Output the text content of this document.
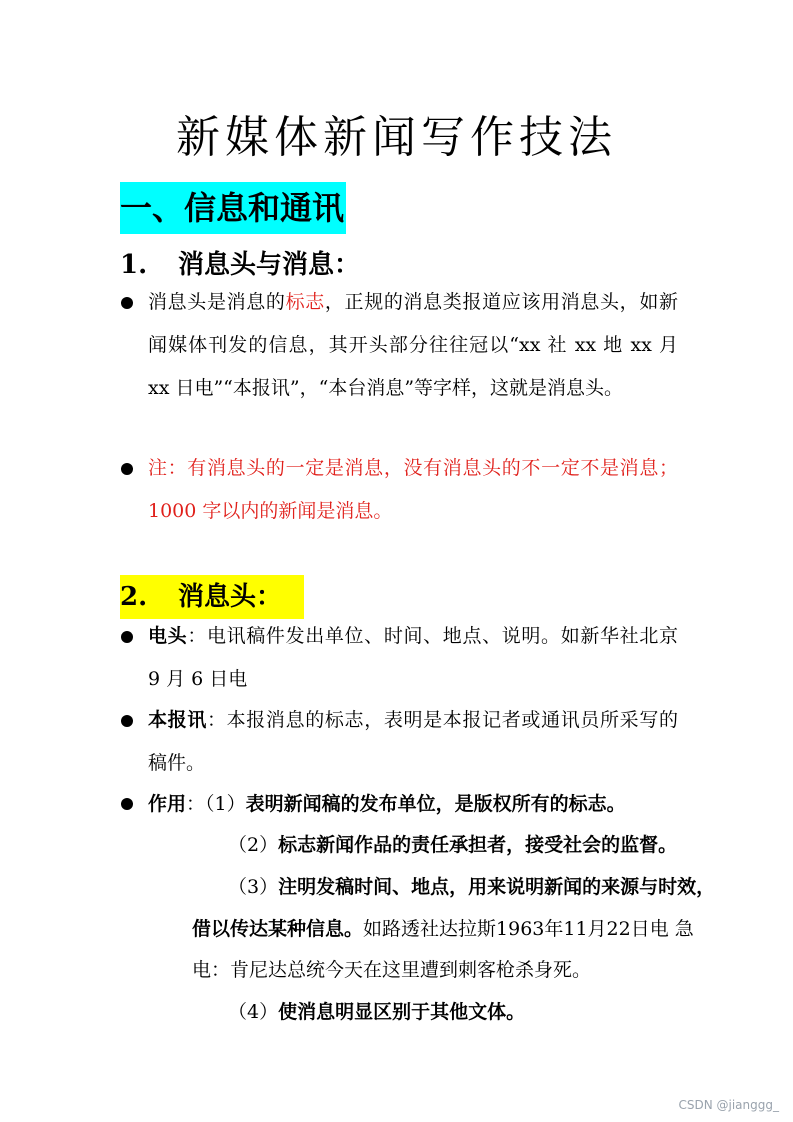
新媒体新闻写作技法
一、信息和通讯
1. 消息头与消息：

消息头是消息的标志，正规的消息类报道应该用消息头，如新闻媒体刊发的信息，其开头部分往往冠以“xx 社 xx 地 xx 月 xx 日电”“本报讯”，“本台消息”等字样，这就是消息头。

注：有消息头的一定是消息，没有消息头的不一定不是消息；1000 字以内的新闻是消息。

2. 消息头：

电头：电讯稿件发出单位、时间、地点、说明。如新华社北京 9 月 6 日电

本报讯：本报消息的标志，表明是本报记者或通讯员所采写的稿件。

作用：（1）表明新闻稿的发布单位，是版权所有的标志。
（2）标志新闻作品的责任承担者，接受社会的监督。
（3）注明发稿时间、地点，用来说明新闻的来源与时效，
借以传达某种信息。如路透社达拉斯1963年11月22日电 急
电：肯尼达总统今天在这里遭到刺客枪杀身死。
（4）使消息明显区别于其他文体。
CSDN @jianggg_
